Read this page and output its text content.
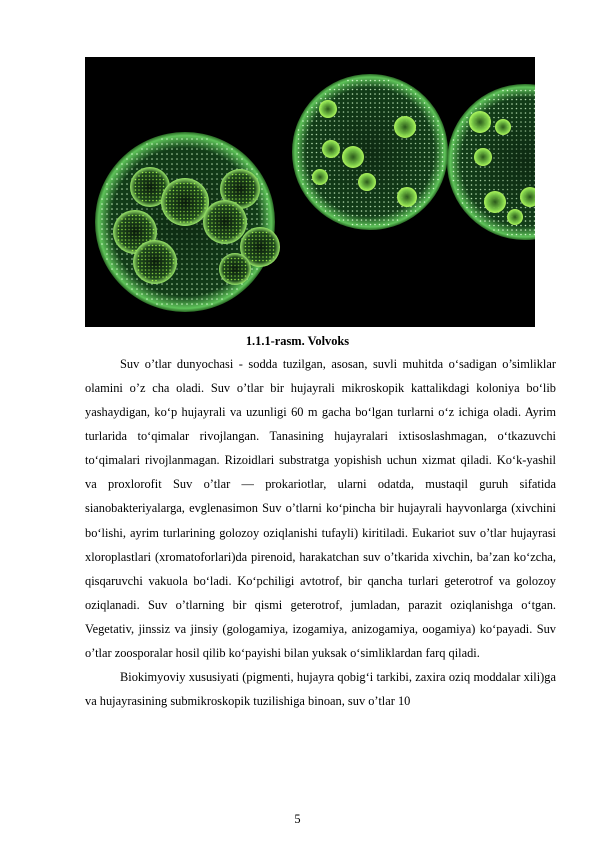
1.1.1-rasm. Volvoks

Suv o’tlar dunyochasi - sodda tuzilgan, asosan, suvli muhitda o‘sadigan o’simliklar olamini o’z cha oladi. Suv o’tlar bir hujayrali mikroskopik kattalikdagi koloniya bo‘lib yashaydigan, ko‘p hujayrali va uzunligi 60 m gacha bo‘lgan turlarni o‘z ichiga oladi. Ayrim turlarida to‘qimalar rivojlangan. Tanasining hujayralari ixtisoslashmagan, o‘tkazuvchi to‘qimalari rivojlanmagan. Rizoidlari substratga yopishish uchun xizmat qiladi. Ko‘k-yashil va proxlorofit Suv o’tlar — prokariotlar, ularni odatda, mustaqil guruh sifatida sianobakteriyalarga, evglenasimon Suv o’tlarni ko‘pincha bir hujayrali hayvonlarga (xivchini bo‘lishi, ayrim turlarining golozoy oziqlanishi tufayli) kiritiladi. Eukariot suv o’tlar hujayrasi xloroplastlari (xromatoforlari)da pirenoid, harakatchan suv o’tkarida xivchin, ba’zan ko‘zcha, qisqaruvchi vakuola bo‘ladi. Ko‘pchiligi avtotrof, bir qancha turlari geterotrof va golozoy oziqlanadi. Suv o’tlarning bir qismi geterotrof, jumladan, parazit oziqlanishga o‘tgan. Vegetativ, jinssiz va jinsiy (gologamiya, izogamiya, anizogamiya, oogamiya) ko‘payadi. Suv o’tlar zoosporalar hosil qilib ko‘payishi bilan yuksak o‘simliklardan farq qiladi.

Biokimyoviy xususiyati (pigmenti, hujayra qobig‘i tarkibi, zaxira oziq moddalar xili)ga va hujayrasining submikroskopik tuzilishiga binoan, suv o’tlar 10

5
